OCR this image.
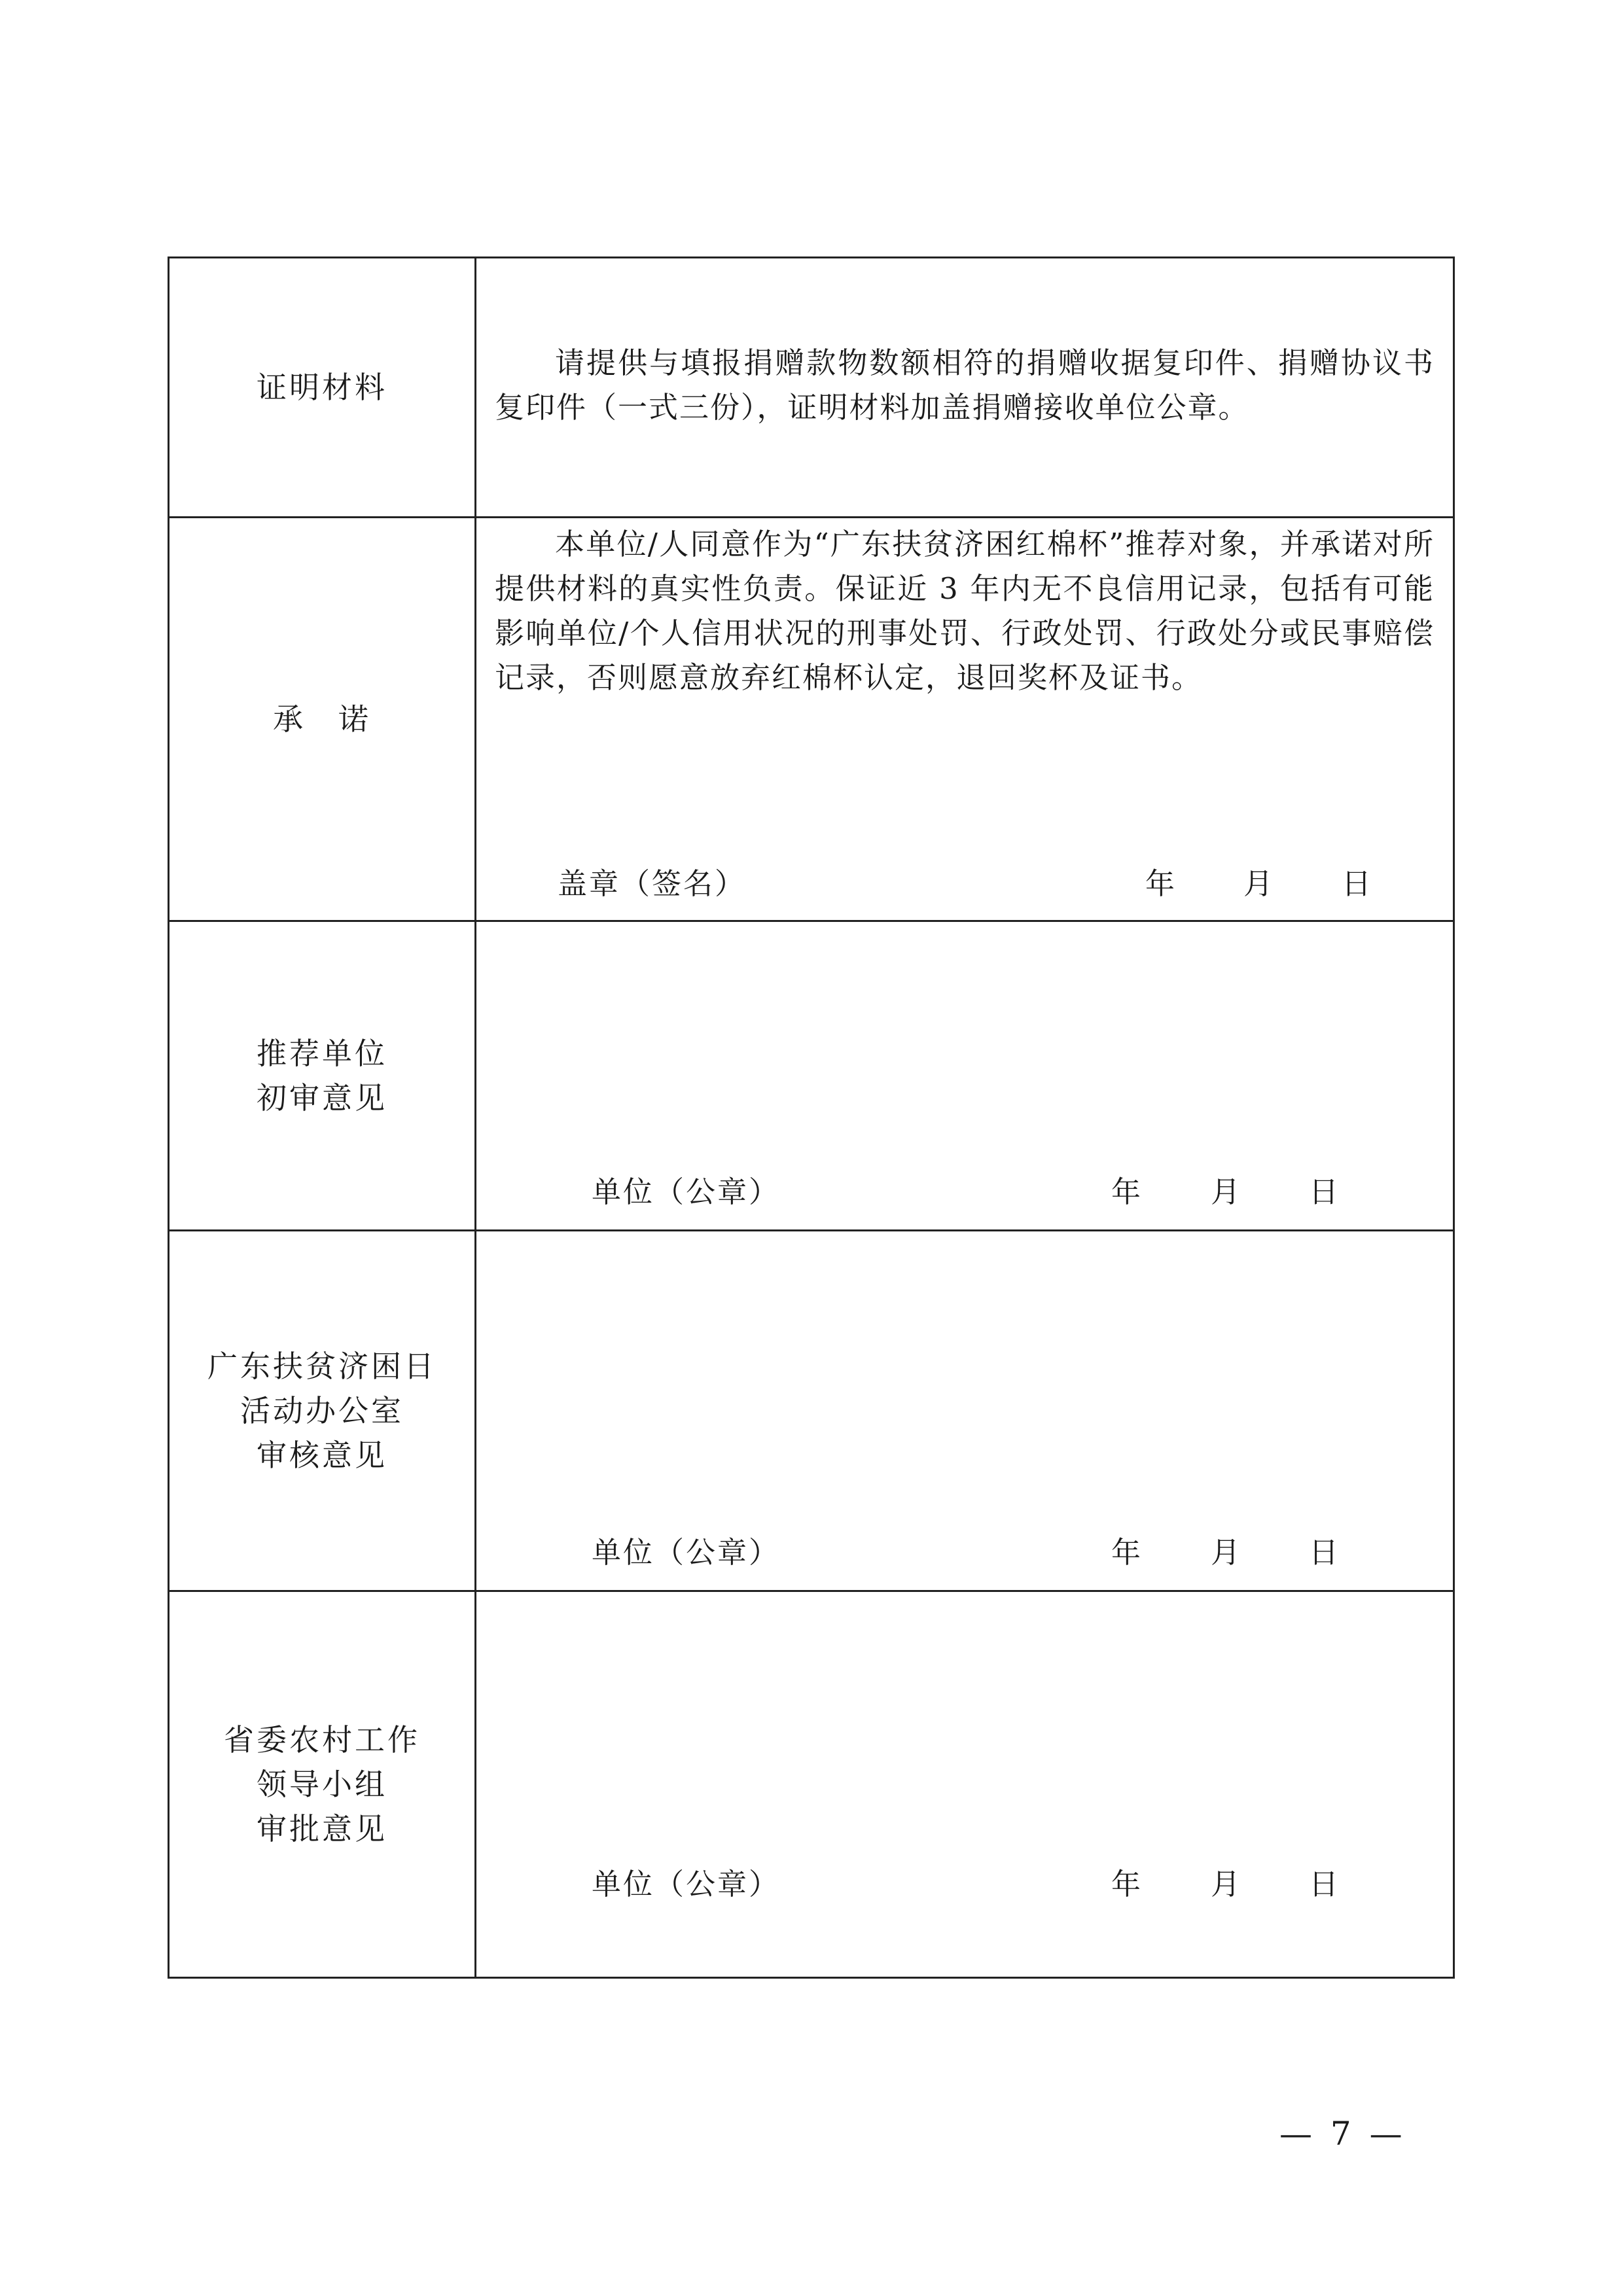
证明材料	请提供与填报捐赠款物数额相符的捐赠收据复印件、捐赠协议书复印件（一式三份），证明材料加盖捐赠接收单位公章。

承　诺	本单位/人同意作为“广东扶贫济困红棉杯”推荐对象，并承诺对所提供材料的真实性负责。保证近 3 年内无不良信用记录，包括有可能影响单位/个人信用状况的刑事处罚、行政处罚、行政处分或民事赔偿记录，否则愿意放弃红棉杯认定，退回奖杯及证书。
盖章（签名） 年 月 日

推荐单位
初审意见	单位（公章） 年 月 日

广东扶贫济困日
活动办公室
审核意见	单位（公章） 年 月 日

省委农村工作
领导小组
审批意见	单位（公章） 年 月 日
— 7 —
